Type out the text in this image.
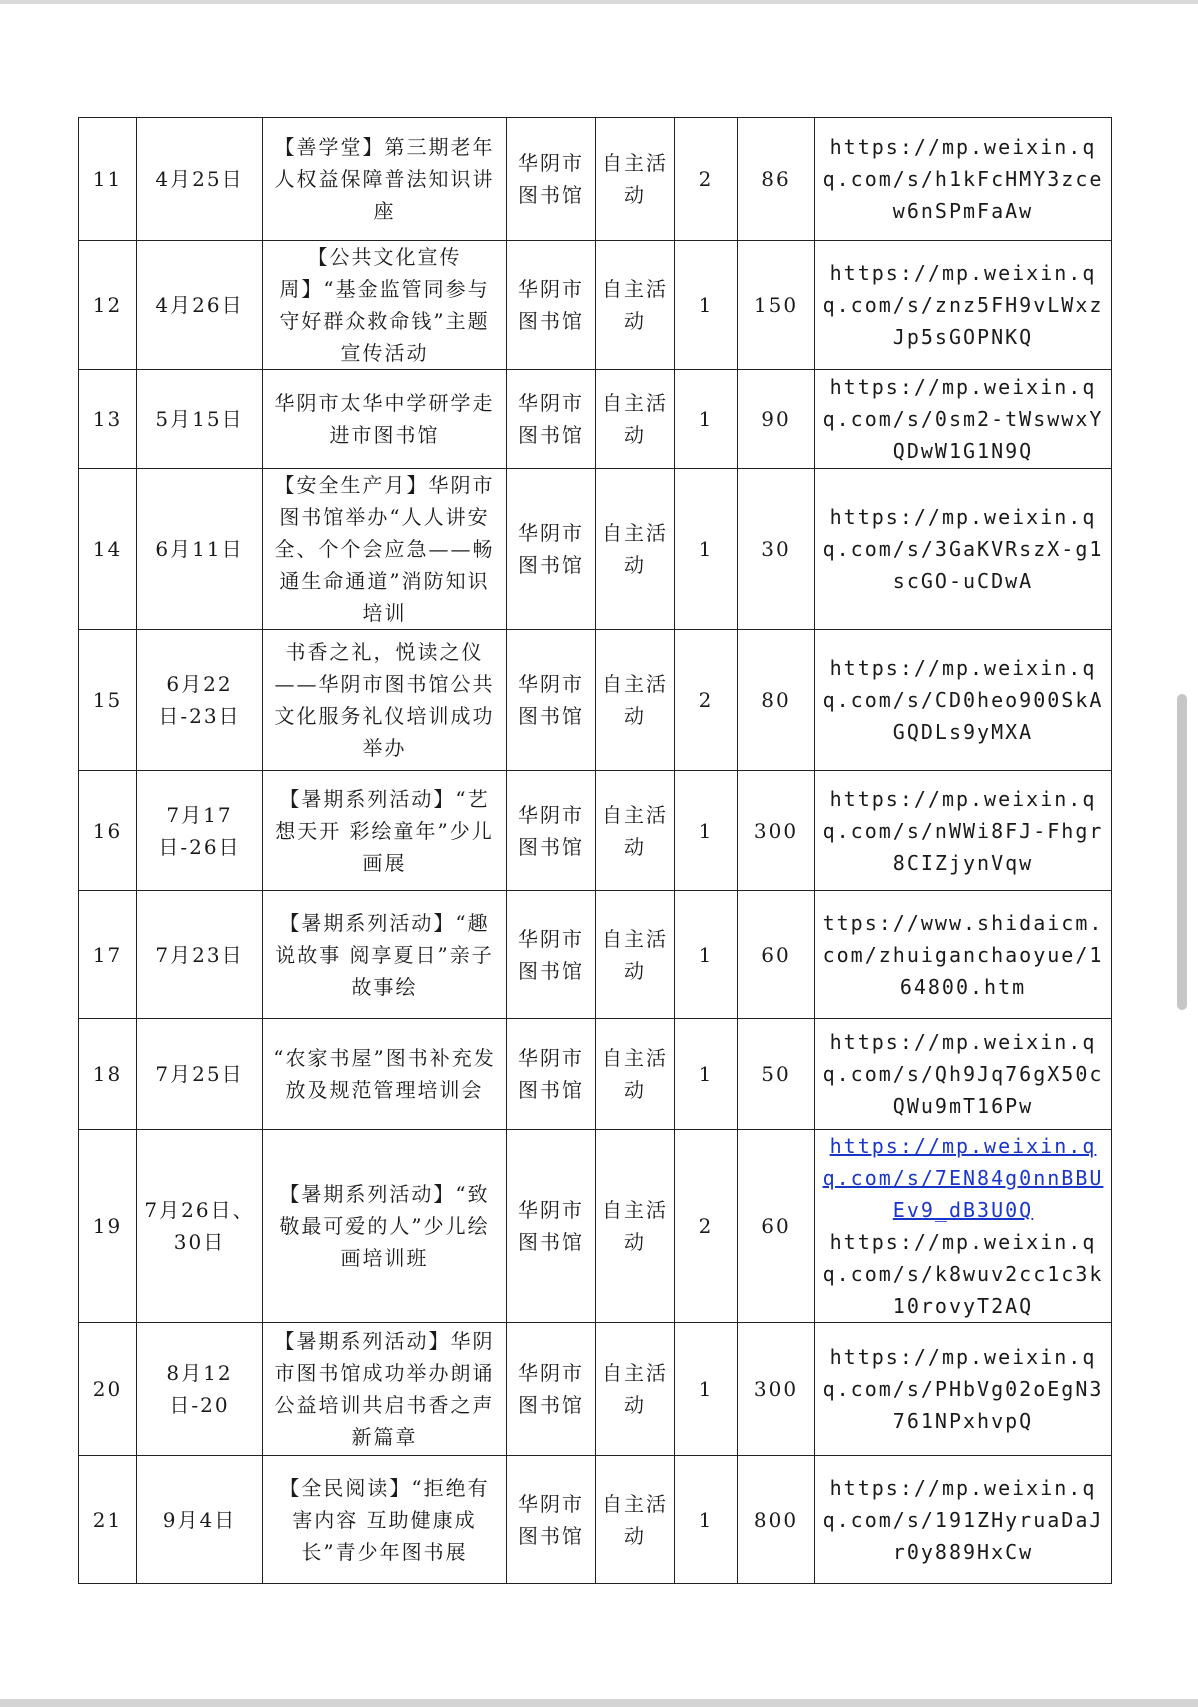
11	4月25日	【善学堂】第三期老年人权益保障普法知识讲座	华阴市图书馆	自主活动	2	86	https://mp.weixin.qq.com/s/h1kFcHMY3zcew6nSPmFaAw

12	4月26日	【公共文化宣传周】“基金监管同参与 守好群众救命钱”主题宣传活动	华阴市图书馆	自主活动	1	150	https://mp.weixin.qq.com/s/znz5FH9vLWxzJp5sGOPNKQ

13	5月15日	华阴市太华中学研学走进市图书馆	华阴市图书馆	自主活动	1	90	https://mp.weixin.qq.com/s/0sm2-tWswwxYQDwW1G1N9Q

14	6月11日	【安全生产月】华阴市图书馆举办“人人讲安全、个个会应急——畅通生命通道”消防知识培训	华阴市图书馆	自主活动	1	30	https://mp.weixin.qq.com/s/3GaKVRszX-g1scGO-uCDwA

15	6月22日-23日	书香之礼，悦读之仪——华阴市图书馆公共文化服务礼仪培训成功举办	华阴市图书馆	自主活动	2	80	https://mp.weixin.qq.com/s/CD0heo900SkAGQDLs9yMXA

16	7月17日-26日	【暑期系列活动】“艺想天开 彩绘童年”少儿画展	华阴市图书馆	自主活动	1	300	https://mp.weixin.qq.com/s/nWWi8FJ-Fhgr8CIZjynVqw

17	7月23日	【暑期系列活动】“趣说故事 阅享夏日”亲子故事绘	华阴市图书馆	自主活动	1	60	ttps://www.shidaicm.com/zhuiganchaoyue/164800.htm

18	7月25日	“农家书屋”图书补充发放及规范管理培训会	华阴市图书馆	自主活动	1	50	https://mp.weixin.qq.com/s/Qh9Jq76gX50cQWu9mT16Pw

19	7月26日、30日	【暑期系列活动】“致敬最可爱的人”少儿绘画培训班	华阴市图书馆	自主活动	2	60	https://mp.weixin.qq.com/s/7EN84g0nnBBUEv9_dB3U0Q
https://mp.weixin.qq.com/s/k8wuv2cc1c3k10rovyT2AQ

20	8月12日-20	【暑期系列活动】华阴市图书馆成功举办朗诵公益培训共启书香之声新篇章	华阴市图书馆	自主活动	1	300	https://mp.weixin.qq.com/s/PHbVg02oEgN3761NPxhvpQ

21	9月4日	【全民阅读】“拒绝有害内容 互助健康成长”青少年图书展	华阴市图书馆	自主活动	1	800	https://mp.weixin.qq.com/s/191ZHyruaDaJr0y889HxCw
